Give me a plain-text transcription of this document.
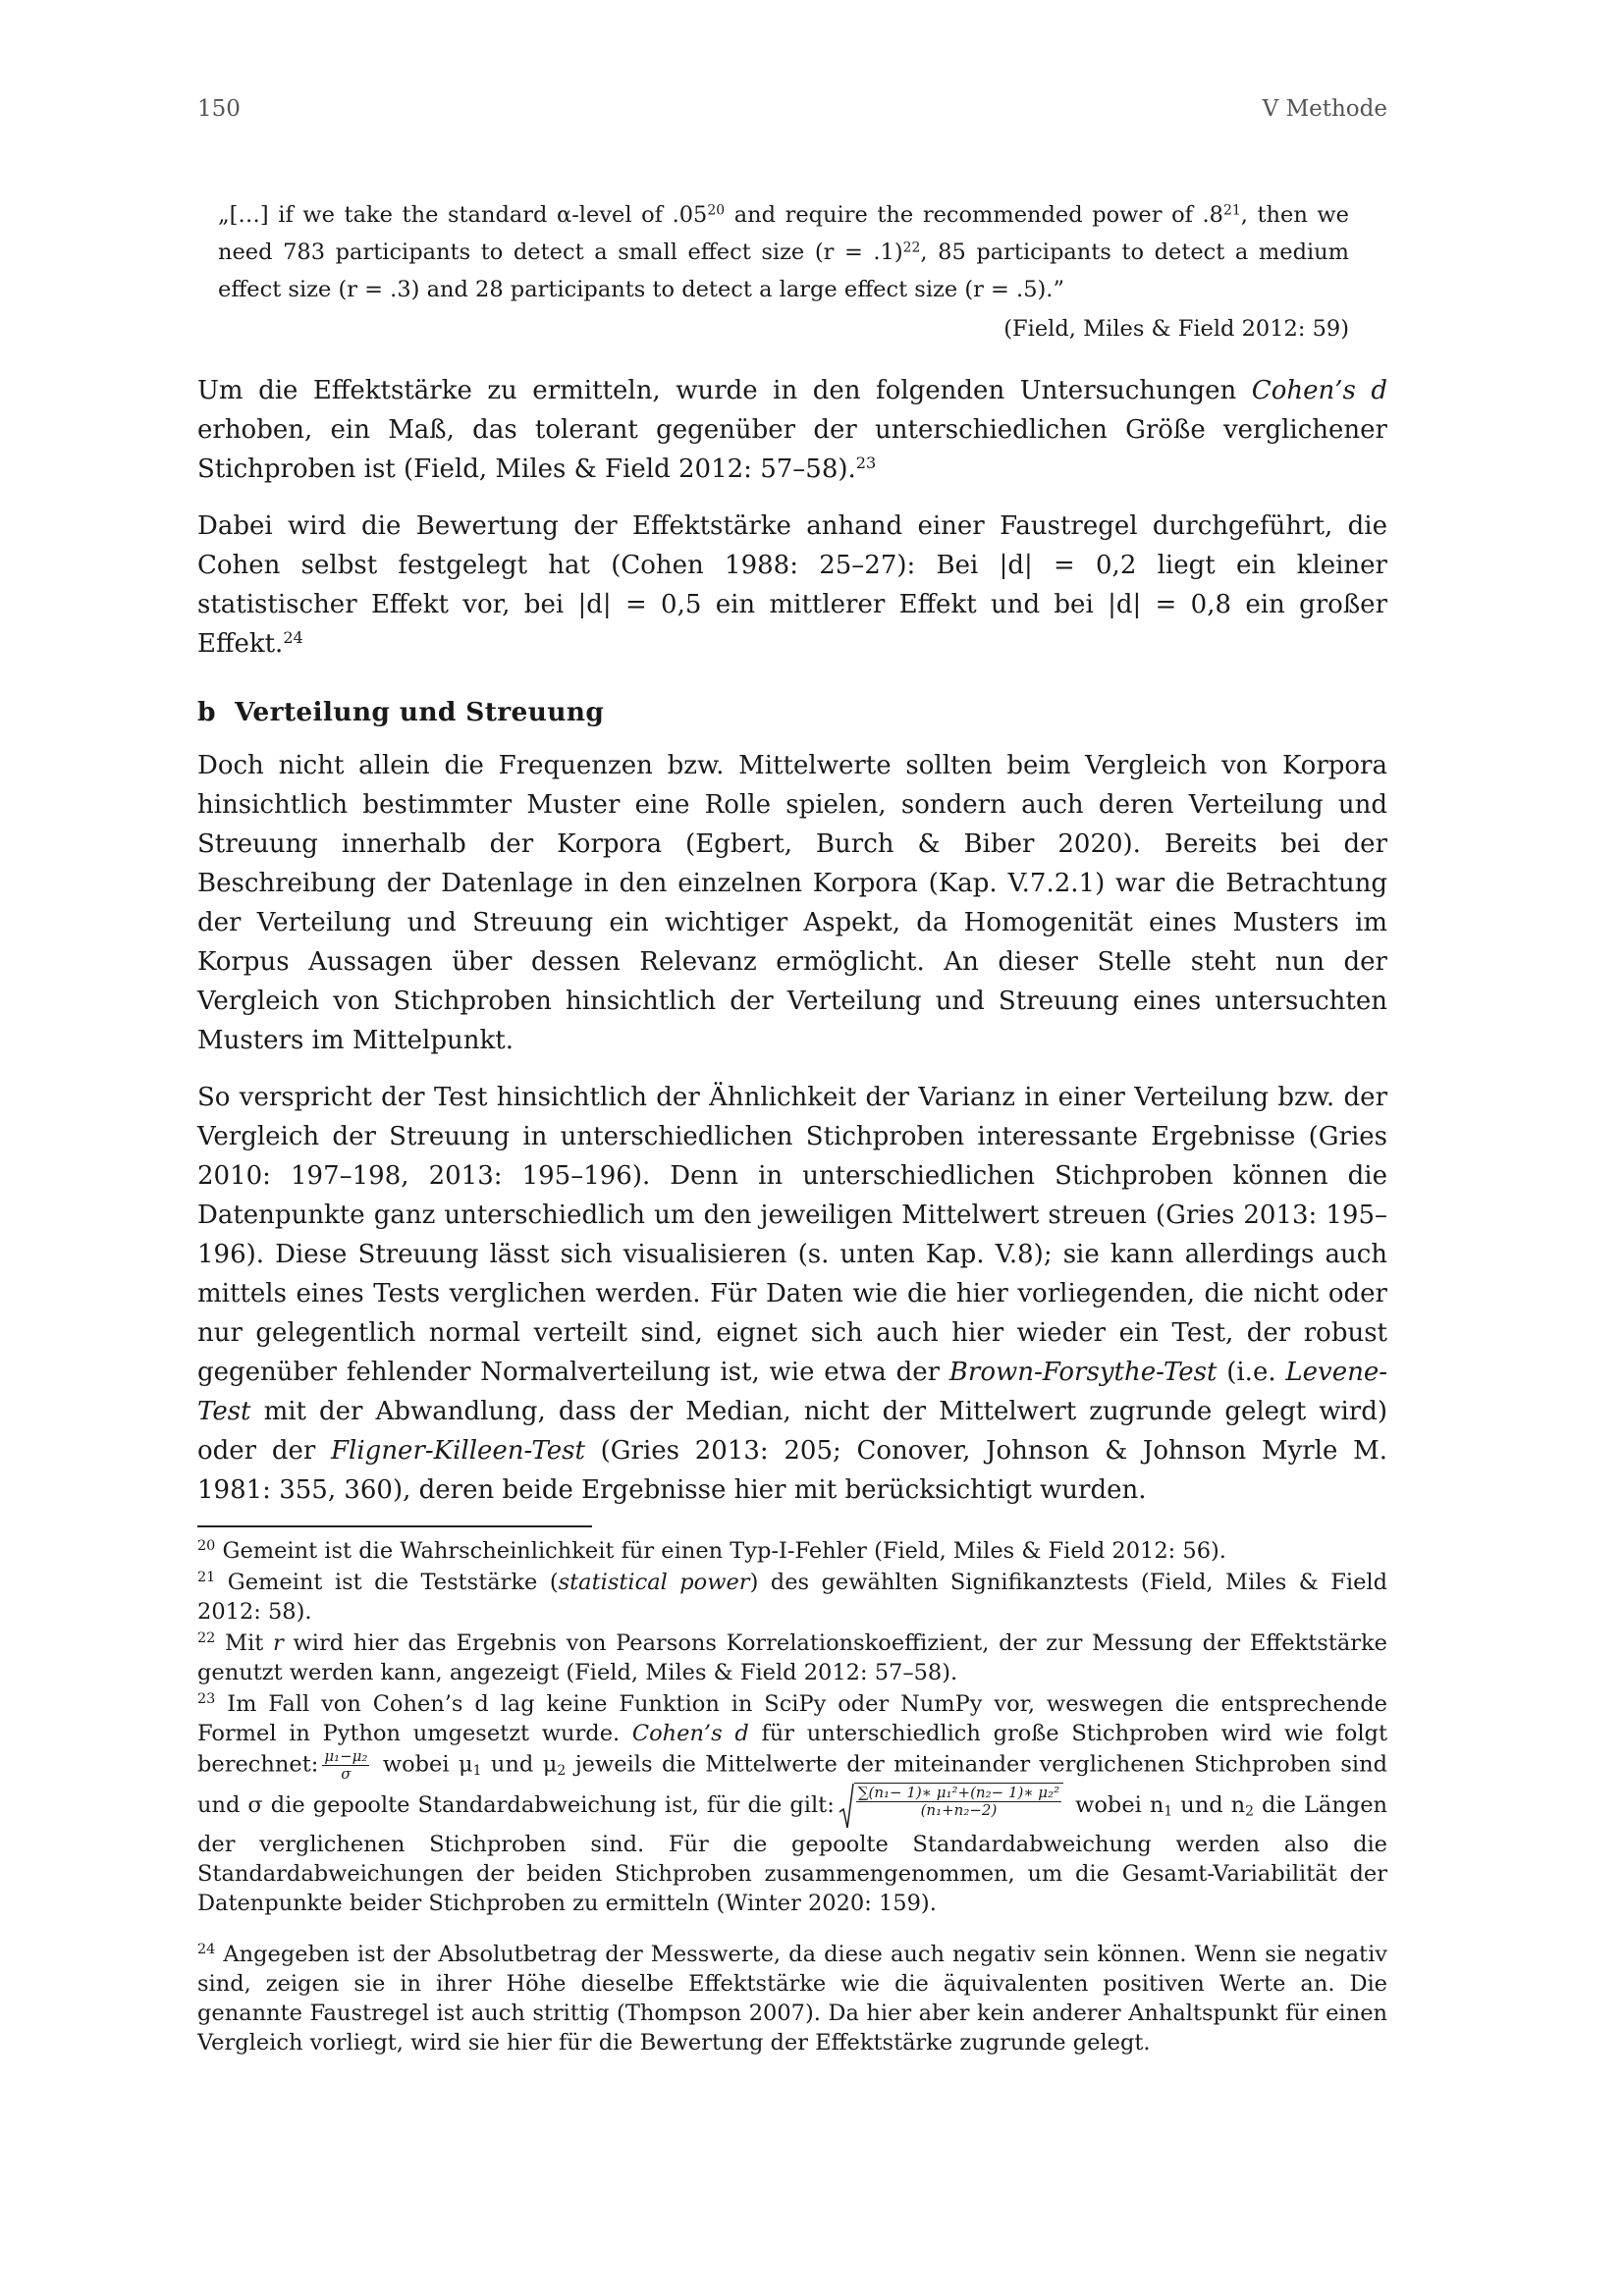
150	V Methode
„[…] if we take the standard α-level of $.05^{20}$ and require the recommended power of $.8^{21}$, then we need 783 participants to detect a small effect size (r = .1)$^{22}$, 85 participants to detect a medium effect size (r = .3) and 28 participants to detect a large effect size (r = .5).”
(Field, Miles & Field 2012: 59)

Um die Effektstärke zu ermitteln, wurde in den folgenden Untersuchungen Cohen’s d erhoben, ein Maß, das tolerant gegenüber der unterschiedlichen Größe verglichener Stichproben ist (Field, Miles & Field 2012: 57–58).$^{23}$

Dabei wird die Bewertung der Effektstärke anhand einer Faustregel durchgeführt, die Cohen selbst festgelegt hat (Cohen 1988: 25–27): Bei |d| = 0,2 liegt ein kleiner statistischer Effekt vor, bei |d| = 0,5 ein mittlerer Effekt und bei |d| = 0,8 ein großer Effekt.$^{24}$

b Verteilung und Streuung

Doch nicht allein die Frequenzen bzw. Mittelwerte sollten beim Vergleich von Korpora hinsichtlich bestimmter Muster eine Rolle spielen, sondern auch deren Verteilung und Streuung innerhalb der Korpora (Egbert, Burch & Biber 2020). Bereits bei der Beschreibung der Datenlage in den einzelnen Korpora (Kap. V.7.2.1) war die Betrachtung der Verteilung und Streuung ein wichtiger Aspekt, da Homogenität eines Musters im Korpus Aussagen über dessen Relevanz ermöglicht. An dieser Stelle steht nun der Vergleich von Stichproben hinsichtlich der Verteilung und Streuung eines untersuchten Musters im Mittelpunkt.

So verspricht der Test hinsichtlich der Ähnlichkeit der Varianz in einer Verteilung bzw. der Vergleich der Streuung in unterschiedlichen Stichproben interessante Ergebnisse (Gries 2010: 197–198, 2013: 195–196). Denn in unterschiedlichen Stichproben können die Datenpunkte ganz unterschiedlich um den jeweiligen Mittelwert streuen (Gries 2013: 195–196). Diese Streuung lässt sich visualisieren (s. unten Kap. V.8); sie kann allerdings auch mittels eines Tests verglichen werden. Für Daten wie die hier vorliegenden, die nicht oder nur gelegentlich normal verteilt sind, eignet sich auch hier wieder ein Test, der robust gegenüber fehlender Normalverteilung ist, wie etwa der Brown-Forsythe-Test (i.e. Levene-Test mit der Abwandlung, dass der Median, nicht der Mittelwert zugrunde gelegt wird) oder der Fligner-Killeen-Test (Gries 2013: 205; Conover, Johnson & Johnson Myrle M. 1981: 355, 360), deren beide Ergebnisse hier mit berücksichtigt wurden.

$^{20}$ Gemeint ist die Wahrscheinlichkeit für einen Typ-I-Fehler (Field, Miles & Field 2012: 56).
$^{21}$ Gemeint ist die Teststärke (statistical power) des gewählten Signifikanztests (Field, Miles & Field 2012: 58).
$^{22}$ Mit r wird hier das Ergebnis von Pearsons Korrelationskoeffizient, der zur Messung der Effektstärke genutzt werden kann, angezeigt (Field, Miles & Field 2012: 57–58).
$^{23}$ Im Fall von Cohen’s d lag keine Funktion in SciPy oder NumPy vor, weswegen die entsprechende Formel in Python umgesetzt wurde. Cohen’s d für unterschiedlich große Stichproben wird wie folgt berechnet: $\frac{\text{μ₁−μ₂}}{\sigma}$ wobei $\mu_1$ und $\mu_2$ jeweils die Mittelwerte der miteinander verglichenen Stichproben sind und σ die gepoolte Standardabweichung ist, für die gilt: $\frac{\text{∑(n₁− 1)∗ μ₁²+(n₂− 1)∗ μ₂²}}{\text{(n₁+n₂−2)}}$ wobei $n_1$ und $n_2$ die Längen der verglichenen Stichproben sind. Für die gepoolte Standardabweichung werden also die Standardabweichungen der beiden Stichproben zusammengenommen, um die Gesamt-Variabilität der Datenpunkte beider Stichproben zu ermitteln (Winter 2020: 159).
$^{24}$ Angegeben ist der Absolutbetrag der Messwerte, da diese auch negativ sein können. Wenn sie negativ sind, zeigen sie in ihrer Höhe dieselbe Effektstärke wie die äquivalenten positiven Werte an. Die genannte Faustregel ist auch strittig (Thompson 2007). Da hier aber kein anderer Anhaltspunkt für einen Vergleich vorliegt, wird sie hier für die Bewertung der Effektstärke zugrunde gelegt.
